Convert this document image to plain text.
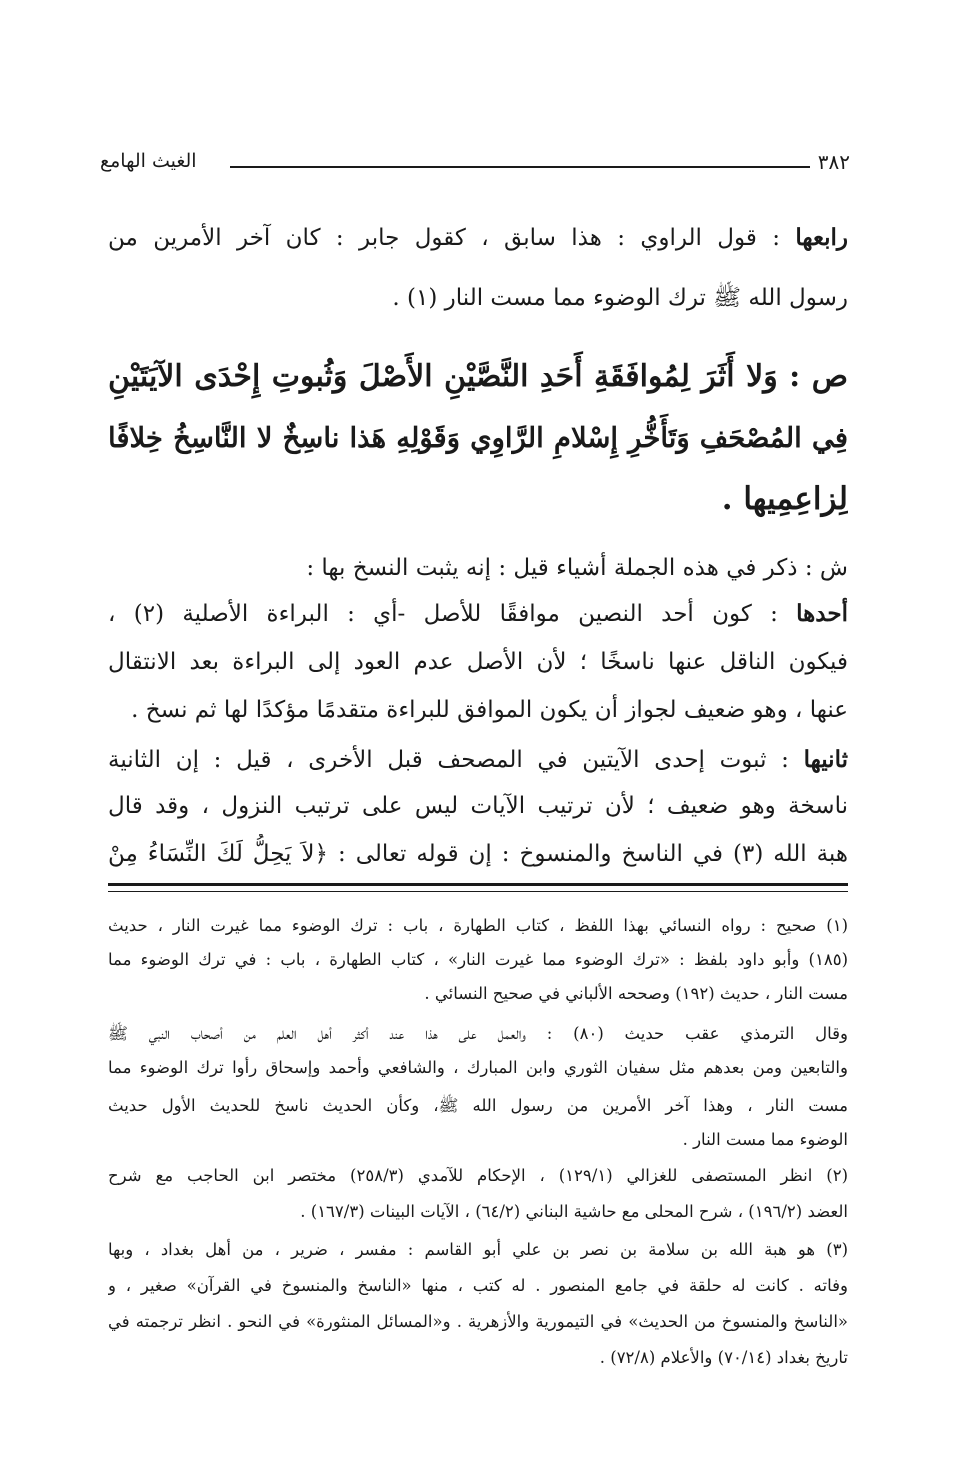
٣٨٢
الغيث الهامع
رابعها : قول الراوي : هذا سابق ، كقول جابر : كان آخر الأمرين من
رسول الله ﷺ ترك الوضوء مما مست النار (١) .
ص : وَلا أَثَرَ لِمُوافَقَةِ أَحَدِ النَّصَّيْنِ الأَصْلَ وَثُبوتِ إِحْدَى الآيَتَيْنِ
فِي المُصْحَفِ وَتَأَخُّرِ إِسْلامِ الرَّاوِي وَقَوْلِهِ هَذا ناسِخٌ لا النَّاسِخُ خِلافًا
لِزاعِمِيها .
ش : ذكر في هذه الجملة أشياء قيل : إنه يثبت النسخ بها :
أحدها : كون أحد النصين موافقًا للأصل -أي : البراءة الأصلية (٢) ،
فيكون الناقل عنها ناسخًا ؛ لأن الأصل عدم العود إلى البراءة بعد الانتقال
عنها ، وهو ضعيف لجواز أن يكون الموافق للبراءة متقدمًا مؤكدًا لها ثم نسخ .
ثانيها : ثبوت إحدى الآيتين في المصحف قبل الأخرى ، قيل : إن الثانية
ناسخة وهو ضعيف ؛ لأن ترتيب الآيات ليس على ترتيب النزول ، وقد قال
هبة الله (٣) في الناسخ والمنسوخ : إن قوله تعالى : ﴿لاَ يَحِلُّ لَكَ النِّسَاءُ مِنْ
(١) صحيح : رواه النسائي بهذا اللفظ ، كتاب الطهارة ، باب : ترك الوضوء مما غيرت النار ، حديث
(١٨٥) وأبو داود بلفظ : «ترك الوضوء مما غيرت النار» ، كتاب الطهارة ، باب : في ترك الوضوء مما
مست النار ، حديث (١٩٢) وصححه الألباني في صحيح النسائي .
وقال الترمذي عقب حديث (٨٠) : والعمل على هذا عند أكثر أهل العلم من أصحاب النبي ﷺ
والتابعين ومن بعدهم مثل سفيان الثوري وابن المبارك ، والشافعي وأحمد وإسحاق رأوا ترك الوضوء مما
مست النار ، وهذا آخر الأمرين من رسول الله ﷺ، وكأن الحديث ناسخ للحديث الأول حديث
الوضوء مما مست النار .
(٢) انظر المستصفى للغزالي (١٢٩/١) ، الإحكام للآمدي (٢٥٨/٣) مختصر ابن الحاجب مع شرح
العضد (١٩٦/٢) ، شرح المحلى مع حاشية البناني (٦٤/٢) ، الآيات البينات (١٦٧/٣) .
(٣) هو هبة الله بن سلامة بن نصر بن علي أبو القاسم : مفسر ، ضرير ، من أهل بغداد ، وبها
وفاته . كانت له حلقة في جامع المنصور . له كتب ، منها «الناسخ والمنسوخ في القرآن» صغير ، و
«الناسخ والمنسوخ من الحديث» في التيمورية والأزهرية . و«المسائل المنثورة» في النحو . انظر ترجمته في
تاريخ بغداد (٧٠/١٤) والأعلام (٧٢/٨) .
